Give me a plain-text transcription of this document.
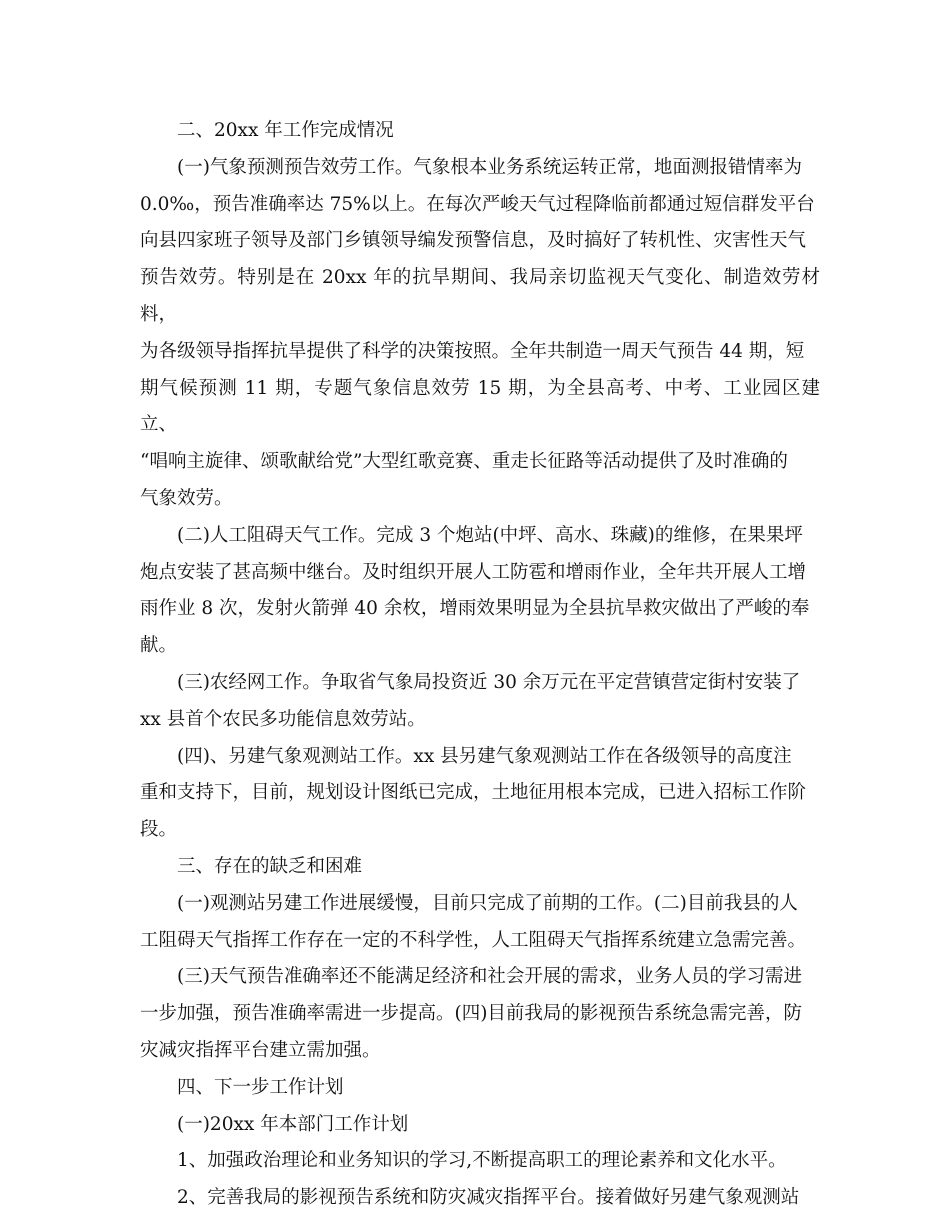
二、20xx 年工作完成情况

(一)气象预测预告效劳工作。气象根本业务系统运转正常，地面测报错情率为
0.0‰，预告准确率达 75%以上。在每次严峻天气过程降临前都通过短信群发平台
向县四家班子领导及部门乡镇领导编发预警信息，及时搞好了转机性、灾害性天气
预告效劳。特别是在 20xx 年的抗旱期间、我局亲切监视天气变化、制造效劳材料，
为各级领导指挥抗旱提供了科学的决策按照。全年共制造一周天气预告 44 期，短
期气候预测 11 期，专题气象信息效劳 15 期，为全县高考、中考、工业园区建立、
“唱响主旋律、颂歌献给党”大型红歌竞赛、重走长征路等活动提供了及时准确的
气象效劳。

(二)人工阻碍天气工作。完成 3 个炮站(中坪、高水、珠藏)的维修，在果果坪
炮点安装了甚高频中继台。及时组织开展人工防雹和增雨作业，全年共开展人工增
雨作业 8 次，发射火箭弹 40 余枚，增雨效果明显为全县抗旱救灾做出了严峻的奉
献。

(三)农经网工作。争取省气象局投资近 30 余万元在平定营镇营定街村安装了
xx 县首个农民多功能信息效劳站。

(四)、另建气象观测站工作。xx 县另建气象观测站工作在各级领导的高度注
重和支持下，目前，规划设计图纸已完成，土地征用根本完成，已进入招标工作阶
段。

三、存在的缺乏和困难

(一)观测站另建工作进展缓慢，目前只完成了前期的工作。(二)目前我县的人
工阻碍天气指挥工作存在一定的不科学性，人工阻碍天气指挥系统建立急需完善。

(三)天气预告准确率还不能满足经济和社会开展的需求，业务人员的学习需进
一步加强，预告准确率需进一步提高。(四)目前我局的影视预告系统急需完善，防
灾减灾指挥平台建立需加强。

四、下一步工作计划

(一)20xx 年本部门工作计划

1、加强政治理论和业务知识的学习,不断提高职工的理论素养和文化水平。

2、完善我局的影视预告系统和防灾减灾指挥平台。接着做好另建气象观测站
